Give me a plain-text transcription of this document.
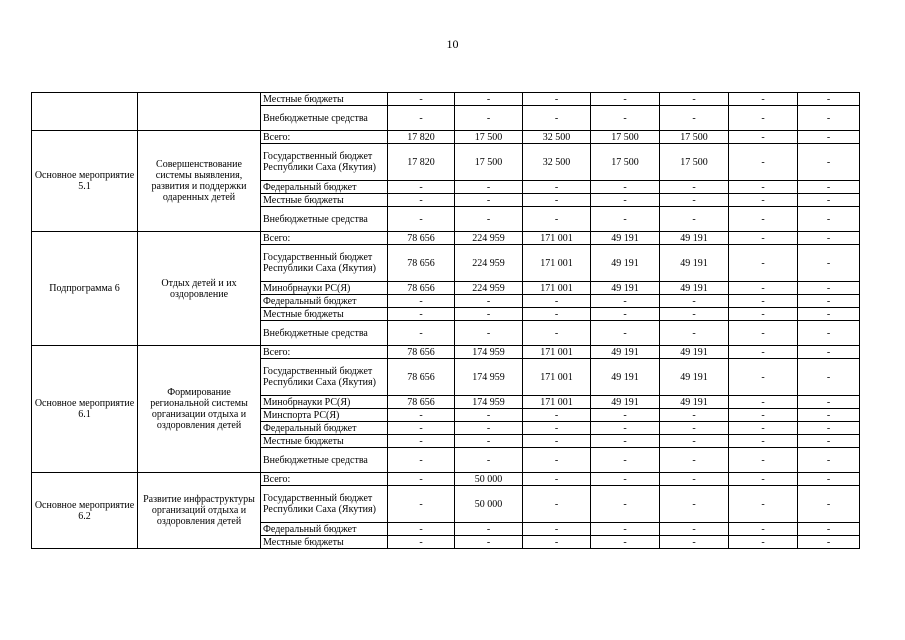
10
		Местные бюджеты	-	-	-	-	-	-	-
		Внебюджетные средства	-	-	-	-	-	-	-
Основное мероприятие 5.1	Совершенствование системы выявления, развития и поддержки одаренных детей	Всего:	17 820	17 500	32 500	17 500	17 500	-	-
		Государственный бюджет Республики Саха (Якутия)	17 820	17 500	32 500	17 500	17 500	-	-
		Федеральный бюджет	-	-	-	-	-	-	-
		Местные бюджеты	-	-	-	-	-	-	-
		Внебюджетные средства	-	-	-	-	-	-	-
Подпрограмма 6	Отдых детей и их оздоровление	Всего:	78 656	224 959	171 001	49 191	49 191	-	-
		Государственный бюджет Республики Саха (Якутия)	78 656	224 959	171 001	49 191	49 191	-	-
		Минобрнауки РС(Я)	78 656	224 959	171 001	49 191	49 191	-	-
		Федеральный бюджет	-	-	-	-	-	-	-
		Местные бюджеты	-	-	-	-	-	-	-
		Внебюджетные средства	-	-	-	-	-	-	-
Основное мероприятие 6.1	Формирование региональной системы организации отдыха и оздоровления детей	Всего:	78 656	174 959	171 001	49 191	49 191	-	-
		Государственный бюджет Республики Саха (Якутия)	78 656	174 959	171 001	49 191	49 191	-	-
		Минобрнауки РС(Я)	78 656	174 959	171 001	49 191	49 191	-	-
		Минспорта РС(Я)	-	-	-	-	-	-	-
		Федеральный бюджет	-	-	-	-	-	-	-
		Местные бюджеты	-	-	-	-	-	-	-
		Внебюджетные средства	-	-	-	-	-	-	-
Основное мероприятие 6.2	Развитие инфраструктуры организаций отдыха и оздоровления детей	Всего:	-	50 000	-	-	-	-	-
		Государственный бюджет Республики Саха (Якутия)	-	50 000	-	-	-	-	-
		Федеральный бюджет	-	-	-	-	-	-	-
		Местные бюджеты	-	-	-	-	-	-	-
